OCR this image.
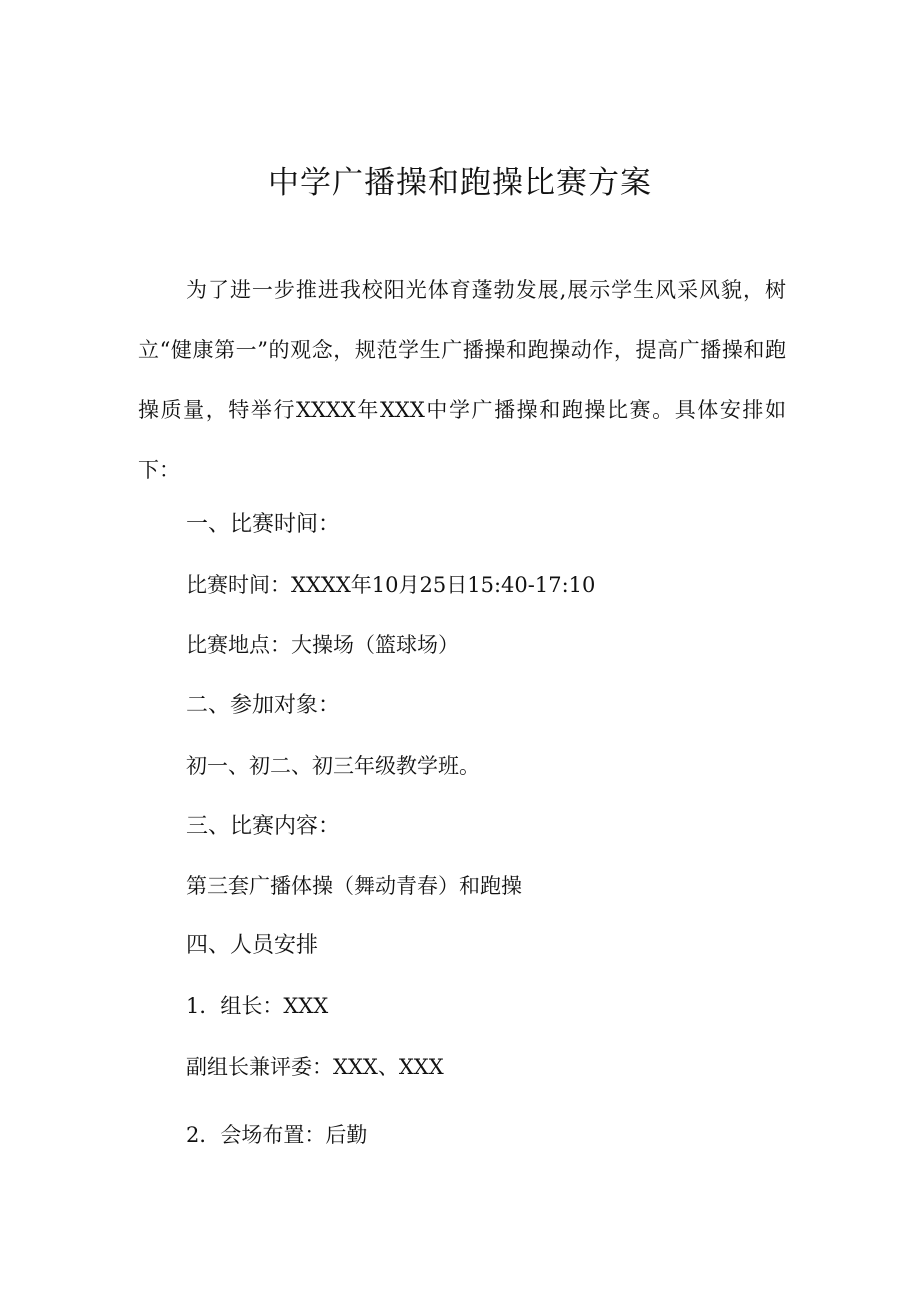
中学广播操和跑操比赛方案

为了进一步推进我校阳光体育蓬勃发展,展示学生风采风貌，树立“健康第一”的观念，规范学生广播操和跑操动作，提高广播操和跑操质量，特举行XXXX年XXX中学广播操和跑操比赛。具体安排如下：

一、比赛时间：
比赛时间：XXXX年10月25日15:40-17:10
比赛地点：大操场（篮球场）
二、参加对象：
初一、初二、初三年级教学班。
三、比赛内容：
第三套广播体操（舞动青春）和跑操
四、人员安排
1．组长：XXX
副组长兼评委：XXX、XXX
2．会场布置：后勤
